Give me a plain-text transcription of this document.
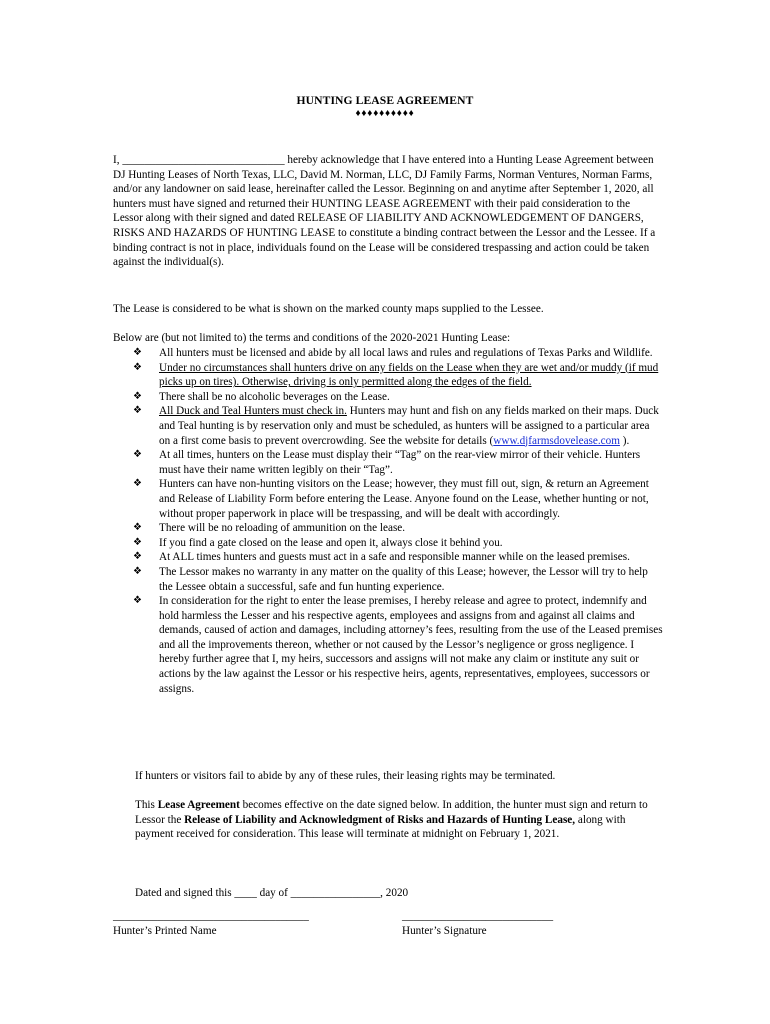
HUNTING LEASE AGREEMENT
♦♦♦♦♦♦♦♦♦♦
I, _____________________________ hereby acknowledge that I have entered into a Hunting Lease Agreement between DJ Hunting Leases of North Texas, LLC, David M. Norman, LLC, DJ Family Farms, Norman Ventures, Norman Farms, and/or any landowner on said lease, hereinafter called the Lessor. Beginning on and anytime after September 1, 2020, all hunters must have signed and returned their HUNTING LEASE AGREEMENT with their paid consideration to the Lessor along with their signed and dated RELEASE OF LIABILITY AND ACKNOWLEDGEMENT OF DANGERS, RISKS AND HAZARDS OF HUNTING LEASE to constitute a binding contract between the Lessor and the Lessee. If a binding contract is not in place, individuals found on the Lease will be considered trespassing and action could be taken against the individual(s).
The Lease is considered to be what is shown on the marked county maps supplied to the Lessee.
Below are (but not limited to) the terms and conditions of the 2020-2021 Hunting Lease:
❖ All hunters must be licensed and abide by all local laws and rules and regulations of Texas Parks and Wildlife.
❖ Under no circumstances shall hunters drive on any fields on the Lease when they are wet and/or muddy (if mud picks up on tires). Otherwise, driving is only permitted along the edges of the field.
❖ There shall be no alcoholic beverages on the Lease.
❖ All Duck and Teal Hunters must check in. Hunters may hunt and fish on any fields marked on their maps. Duck and Teal hunting is by reservation only and must be scheduled, as hunters will be assigned to a particular area on a first come basis to prevent overcrowding. See the website for details (www.djfarmsdovelease.com ).
❖ At all times, hunters on the Lease must display their “Tag” on the rear-view mirror of their vehicle. Hunters must have their name written legibly on their “Tag”.
❖ Hunters can have non-hunting visitors on the Lease; however, they must fill out, sign, & return an Agreement and Release of Liability Form before entering the Lease. Anyone found on the Lease, whether hunting or not, without proper paperwork in place will be trespassing, and will be dealt with accordingly.
❖ There will be no reloading of ammunition on the lease.
❖ If you find a gate closed on the lease and open it, always close it behind you.
❖ At ALL times hunters and guests must act in a safe and responsible manner while on the leased premises.
❖ The Lessor makes no warranty in any matter on the quality of this Lease; however, the Lessor will try to help the Lessee obtain a successful, safe and fun hunting experience.
❖ In consideration for the right to enter the lease premises, I hereby release and agree to protect, indemnify and hold harmless the Lesser and his respective agents, employees and assigns from and against all claims and demands, caused of action and damages, including attorney’s fees, resulting from the use of the Leased premises and all the improvements thereon, whether or not caused by the Lessor’s negligence or gross negligence. I hereby further agree that I, my heirs, successors and assigns will not make any claim or institute any suit or actions by the law against the Lessor or his respective heirs, agents, representatives, employees, successors or assigns.
If hunters or visitors fail to abide by any of these rules, their leasing rights may be terminated.
This Lease Agreement becomes effective on the date signed below. In addition, the hunter must sign and return to Lessor the Release of Liability and Acknowledgment of Risks and Hazards of Hunting Lease, along with payment received for consideration. This lease will terminate at midnight on February 1, 2021.
Dated and signed this ____ day of ________________, 2020
___________________________________
Hunter’s Printed Name
___________________________
Hunter’s Signature
